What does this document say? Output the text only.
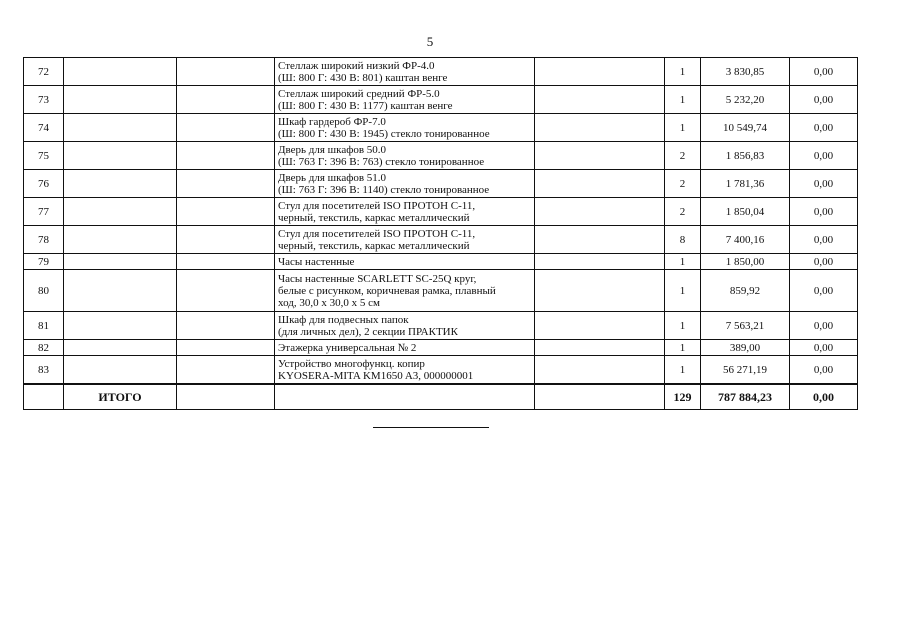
5
72			Стеллаж широкий низкий ФР-4.0
(Ш: 800 Г: 430 В: 801) каштан венге		1	3 830,85	0,00
73			Стеллаж широкий средний ФР-5.0
(Ш: 800 Г: 430 В: 1177) каштан венге		1	5 232,20	0,00
74			Шкаф гардероб ФР-7.0
(Ш: 800 Г: 430 В: 1945) стекло тонированное		1	10 549,74	0,00
75			Дверь для шкафов 50.0
(Ш: 763 Г: 396 В: 763) стекло тонированное		2	1 856,83	0,00
76			Дверь для шкафов 51.0
(Ш: 763 Г: 396 В: 1140) стекло тонированное		2	1 781,36	0,00
77			Стул для посетителей ISO ПРОТОН С-11,
черный, текстиль, каркас металлический		2	1 850,04	0,00
78			Стул для посетителей ISO ПРОТОН С-11,
черный, текстиль, каркас металлический		8	7 400,16	0,00
79			Часы настенные		1	1 850,00	0,00
80			Часы настенные SCARLETT SC-25Q круг,
белые с рисунком, коричневая рамка, плавный
ход, 30,0 х 30,0 х 5 см		1	859,92	0,00
81			Шкаф для подвесных папок
(для личных дел), 2 секции ПРАКТИК		1	7 563,21	0,00
82			Этажерка универсальная № 2		1	389,00	0,00
83			Устройство многофункц. копир
KYOSERA-MITA KM1650 A3, 000000001		1	56 271,19	0,00
	ИТОГО				129	787 884,23	0,00
